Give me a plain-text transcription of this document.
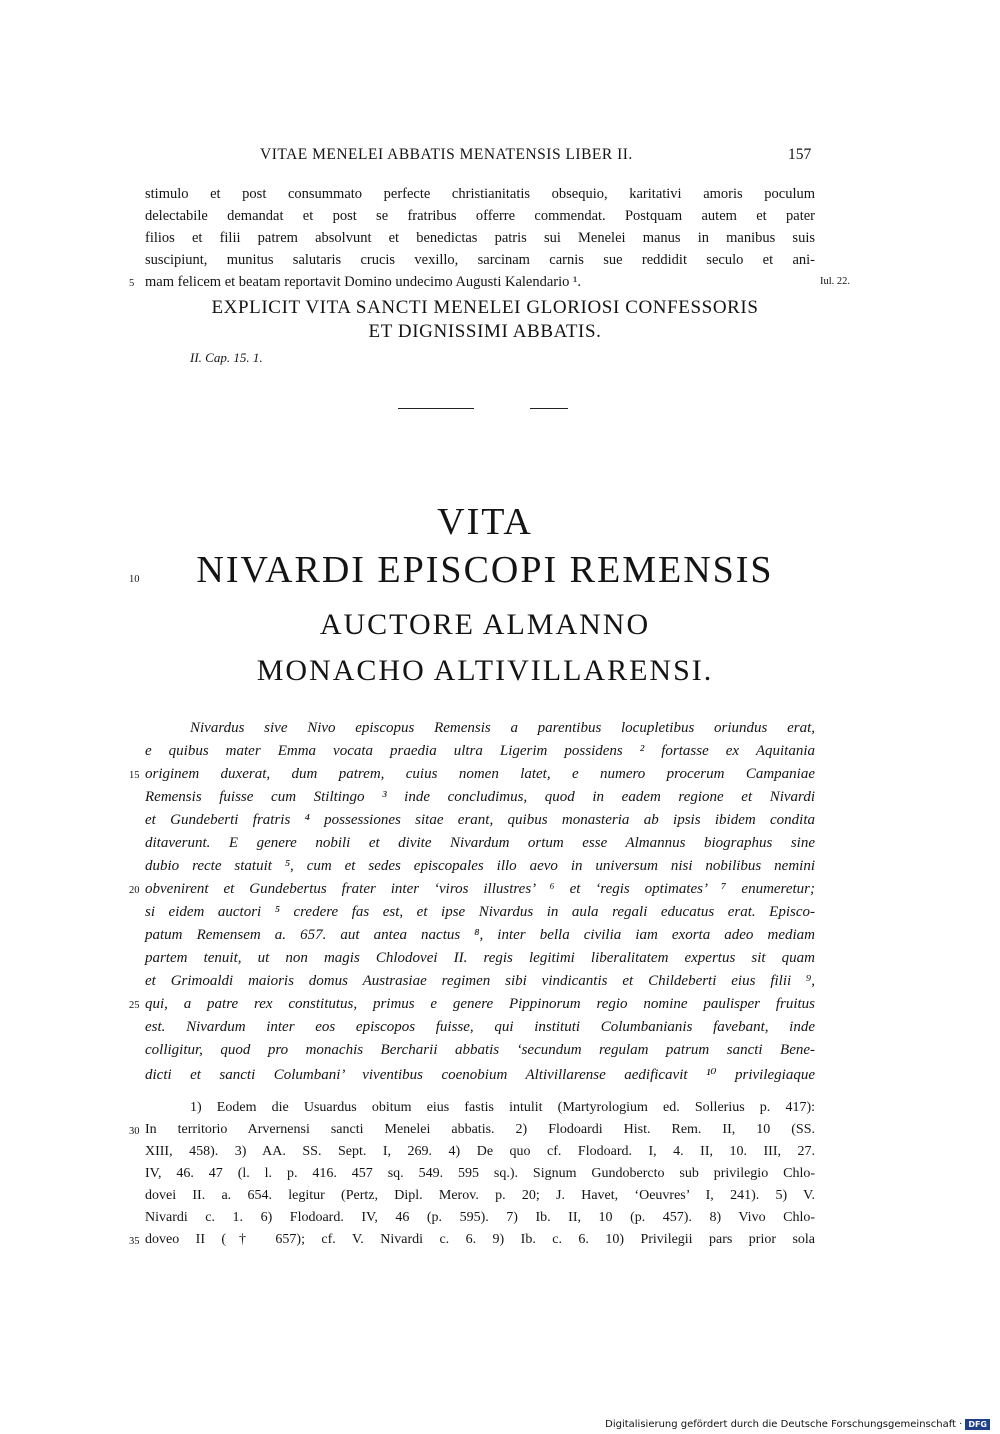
VITAE MENELEI ABBATIS MENATENSIS LIBER II.	157
stimulo et post consummato perfecte christianitatis obsequio, karitativi amoris poculum
delectabile demandat et post se fratribus offerre commendat. Postquam autem et pater
filios et filii patrem absolvunt et benedictas patris sui Menelei manus in manibus suis
suscipiunt, munitus salutaris crucis vexillo, sarcinam carnis sue reddidit seculo et ani-
mam felicem et beatam reportavit Domino undecimo Augusti Kalendario ¹.
5	Iul. 22.
EXPLICIT VITA SANCTI MENELEI GLORIOSI CONFESSORIS
ET DIGNISSIMI ABBATIS.
II. Cap. 15. 1.
VITA
NIVARDI EPISCOPI REMENSIS
10
AUCTORE ALMANNO
MONACHO ALTIVILLARENSI.
Nivardus sive Nivo episcopus Remensis a parentibus locupletibus oriundus erat,
e quibus mater Emma vocata praedia ultra Ligerim possidens ² fortasse ex Aquitania
originem duxerat, dum patrem, cuius nomen latet, e numero procerum Campaniae
15
Remensis fuisse cum Stiltingo ³ inde concludimus, quod in eadem regione et Nivardi
et Gundeberti fratris ⁴ possessiones sitae erant, quibus monasteria ab ipsis ibidem condita
ditaverunt. E genere nobili et divite Nivardum ortum esse Almannus biographus sine
dubio recte statuit ⁵, cum et sedes episcopales illo aevo in universum nisi nobilibus nemini
obvenirent et Gundebertus frater inter ‘viros illustres’ ⁶ et ‘regis optimates’ ⁷ enumeretur;
20
si eidem auctori ⁵ credere fas est, et ipse Nivardus in aula regali educatus erat. Episco-
patum Remensem a. 657. aut antea nactus ⁸, inter bella civilia iam exorta adeo mediam
partem tenuit, ut non magis Chlodovei II. regis legitimi liberalitatem expertus sit quam
et Grimoaldi maioris domus Austrasiae regimen sibi vindicantis et Childeberti eius filii ⁹,
qui, a patre rex constitutus, primus e genere Pippinorum regio nomine paulisper fruitus
25
est. Nivardum inter eos episcopos fuisse, qui instituti Columbanianis favebant, inde
colligitur, quod pro monachis Bercharii abbatis ‘secundum regulam patrum sancti Bene-
dicti et sancti Columbani’ viventibus coenobium Altivillarense aedificavit ¹⁰ privilegiaque
1) Eodem die Usuardus obitum eius fastis intulit (Martyrologium ed. Sollerius p. 417):
In territorio Arvernensi sancti Menelei abbatis. 2) Flodoardi Hist. Rem. II, 10 (SS.
30
XIII, 458). 3) AA. SS. Sept. I, 269. 4) De quo cf. Flodoard. I, 4. II, 10. III, 27.
IV, 46. 47 (l. l. p. 416. 457 sq. 549. 595 sq.). Signum Gundobercto sub privilegio Chlo-
dovei II. a. 654. legitur (Pertz, Dipl. Merov. p. 20; J. Havet, ‘Oeuvres’ I, 241). 5) V.
Nivardi c. 1. 6) Flodoard. IV, 46 (p. 595). 7) Ib. II, 10 (p. 457). 8) Vivo Chlo-
doveo II († 657); cf. V. Nivardi c. 6. 9) Ib. c. 6. 10) Privilegii pars prior sola
35
Digitalisierung gefördert durch die Deutsche Forschungsgemeinschaft · DFG
